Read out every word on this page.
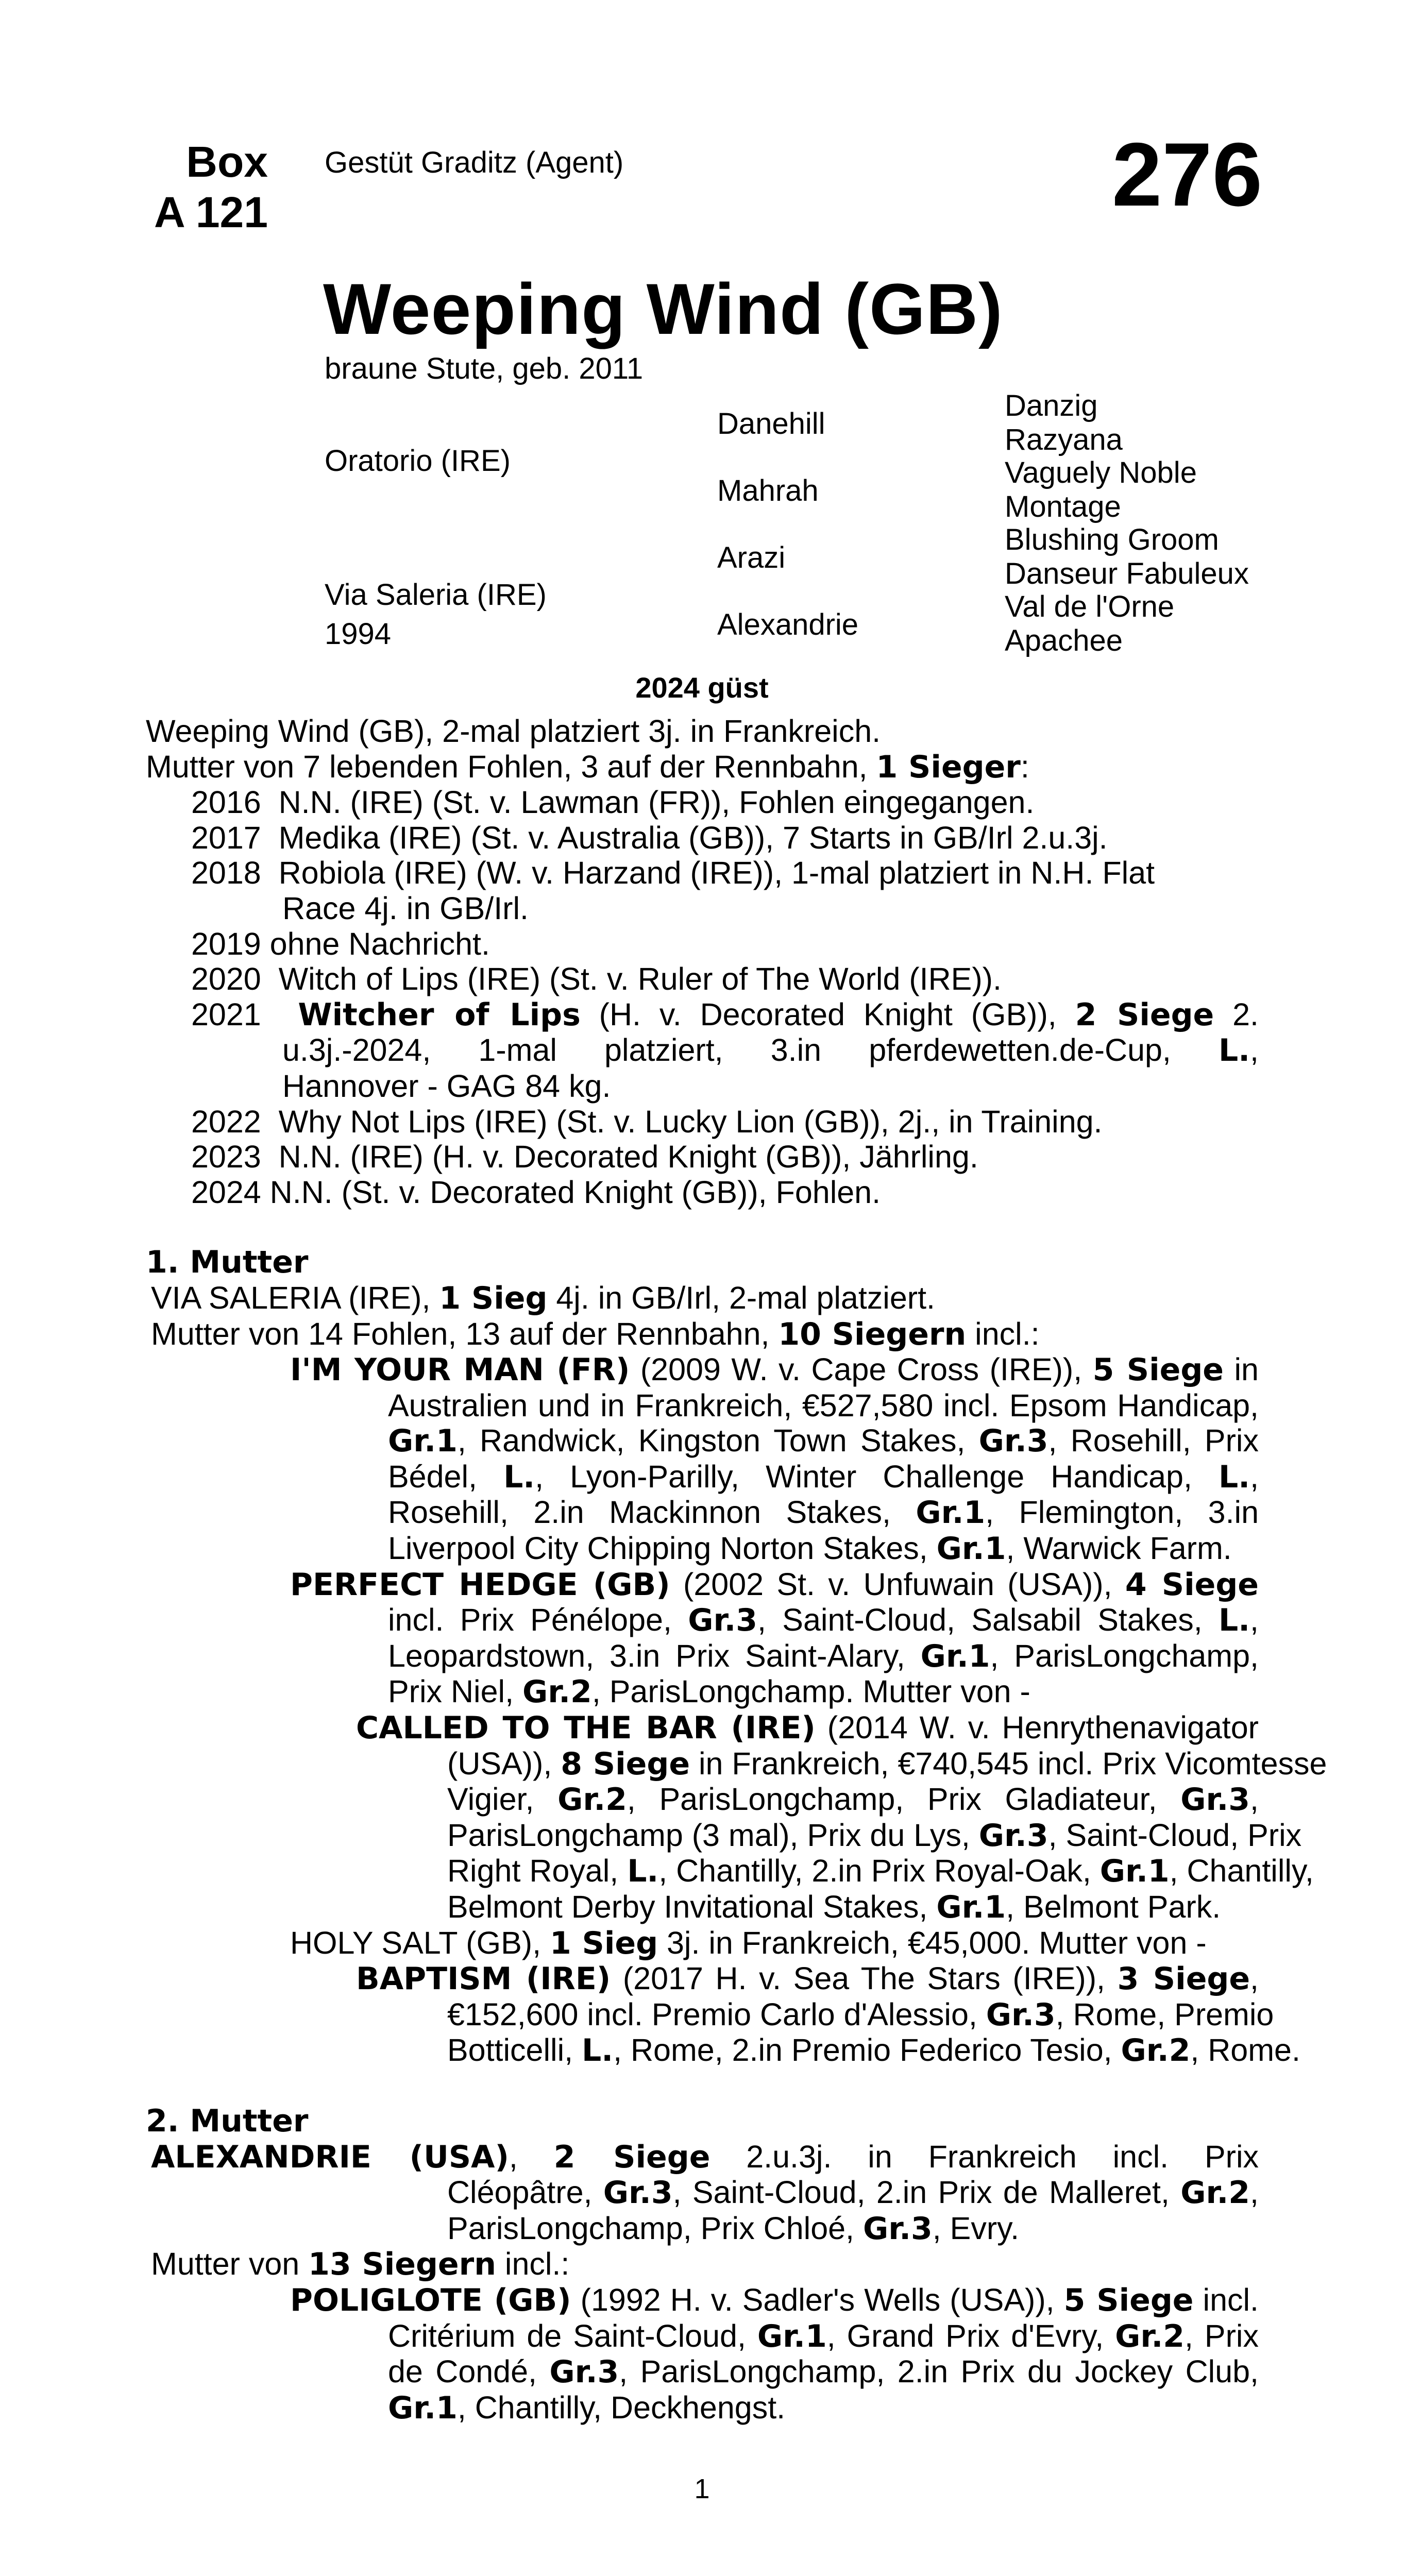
Box
A 121
Gestüt Graditz (Agent)	276
Weeping Wind (GB)
braune Stute, geb. 2011
Oratorio (IRE)
Via Saleria (IRE)
1994
Danehill
Mahrah
Arazi
Alexandrie
Danzig
Razyana
Vaguely Noble
Montage
Blushing Groom
Danseur Fabuleux
Val de l'Orne
Apachee
2024 güst
Weeping Wind (GB), 2-mal platziert 3j. in Frankreich.
Mutter von 7 lebenden Fohlen, 3 auf der Rennbahn, 1 Sieger:
2016  N.N. (IRE) (St. v. Lawman (FR)), Fohlen eingegangen.
2017  Medika (IRE) (St. v. Australia (GB)), 7 Starts in GB/Irl 2.u.3j.
2018  Robiola (IRE) (W. v. Harzand (IRE)), 1-mal platziert in N.H. Flat
Race 4j. in GB/Irl.
2019 ohne Nachricht.
2020  Witch of Lips (IRE) (St. v. Ruler of The World (IRE)).
2021  Witcher of Lips (H. v. Decorated Knight (GB)), 2 Siege 2.
u.3j.-2024, 1-mal platziert, 3.in pferdewetten.de-Cup, L.,
Hannover - GAG 84 kg.
2022  Why Not Lips (IRE) (St. v. Lucky Lion (GB)), 2j., in Training.
2023  N.N. (IRE) (H. v. Decorated Knight (GB)), Jährling.
2024 N.N. (St. v. Decorated Knight (GB)), Fohlen.
1. Mutter
VIA SALERIA (IRE), 1 Sieg 4j. in GB/Irl, 2-mal platziert.
Mutter von 14 Fohlen, 13 auf der Rennbahn, 10 Siegern incl.:
I'M YOUR MAN (FR) (2009 W. v. Cape Cross (IRE)), 5 Siege in
Australien und in Frankreich, €527,580 incl. Epsom Handicap,
Gr.1, Randwick, Kingston Town Stakes, Gr.3, Rosehill, Prix
Bédel, L., Lyon-Parilly, Winter Challenge Handicap, L.,
Rosehill, 2.in Mackinnon Stakes, Gr.1, Flemington, 3.in
Liverpool City Chipping Norton Stakes, Gr.1, Warwick Farm.
PERFECT HEDGE (GB) (2002 St. v. Unfuwain (USA)), 4 Siege
incl. Prix Pénélope, Gr.3, Saint-Cloud, Salsabil Stakes, L.,
Leopardstown, 3.in Prix Saint-Alary, Gr.1, ParisLongchamp,
Prix Niel, Gr.2, ParisLongchamp. Mutter von -
CALLED TO THE BAR (IRE) (2014 W. v. Henrythenavigator
(USA)), 8 Siege in Frankreich, €740,545 incl. Prix Vicomtesse
Vigier, Gr.2, ParisLongchamp, Prix Gladiateur, Gr.3,
ParisLongchamp (3 mal), Prix du Lys, Gr.3, Saint-Cloud, Prix
Right Royal, L., Chantilly, 2.in Prix Royal-Oak, Gr.1, Chantilly,
Belmont Derby Invitational Stakes, Gr.1, Belmont Park.
HOLY SALT (GB), 1 Sieg 3j. in Frankreich, €45,000. Mutter von -
BAPTISM (IRE) (2017 H. v. Sea The Stars (IRE)), 3 Siege,
€152,600 incl. Premio Carlo d'Alessio, Gr.3, Rome, Premio
Botticelli, L., Rome, 2.in Premio Federico Tesio, Gr.2, Rome.
2. Mutter
ALEXANDRIE (USA), 2 Siege 2.u.3j. in Frankreich incl. Prix
Cléopâtre, Gr.3, Saint-Cloud, 2.in Prix de Malleret, Gr.2,
ParisLongchamp, Prix Chloé, Gr.3, Evry.
Mutter von 13 Siegern incl.:
POLIGLOTE (GB) (1992 H. v. Sadler's Wells (USA)), 5 Siege incl.
Critérium de Saint-Cloud, Gr.1, Grand Prix d'Evry, Gr.2, Prix
de Condé, Gr.3, ParisLongchamp, 2.in Prix du Jockey Club,
Gr.1, Chantilly, Deckhengst.
1
